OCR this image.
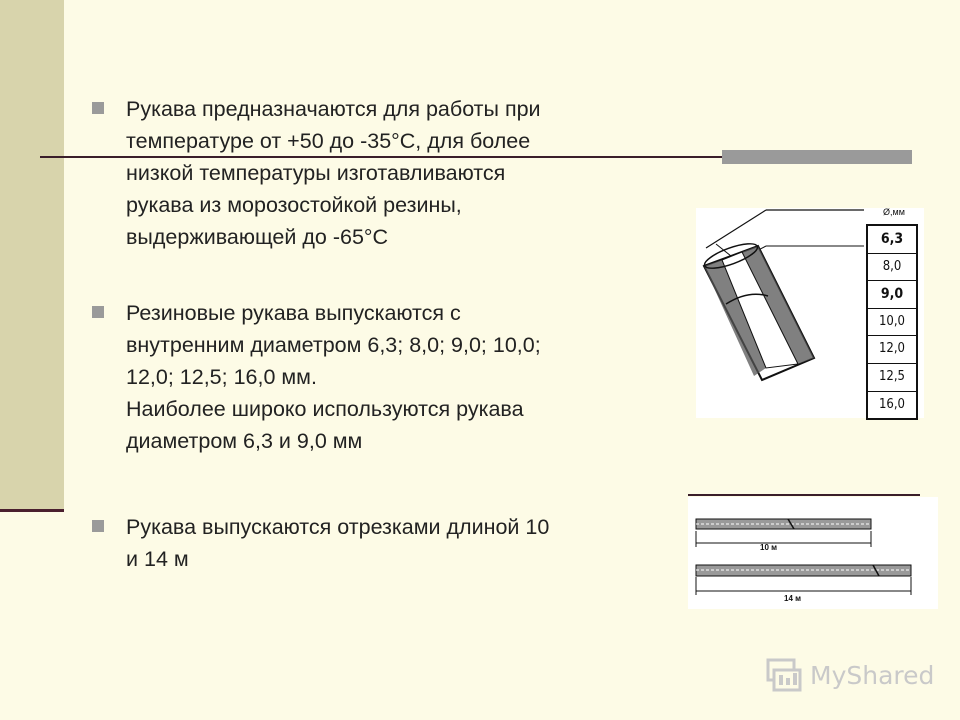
Рукава предназначаются для работы при
температуре от +50 до -35°С, для более
низкой температуры изготавливаются
рукава из морозостойкой резины,
выдерживающей до -65°С
Резиновые рукава выпускаются с
внутренним диаметром 6,3; 8,0; 9,0; 10,0;
12,0; 12,5; 16,0 мм.
Наиболее широко используются рукава
диаметром 6,3 и 9,0 мм
Рукава выпускаются отрезками длиной 10
и 14 м
Ø,мм
6,3
8,0
9,0
10,0
12,0
12,5
16,0
10 м
14 м
MyShared
